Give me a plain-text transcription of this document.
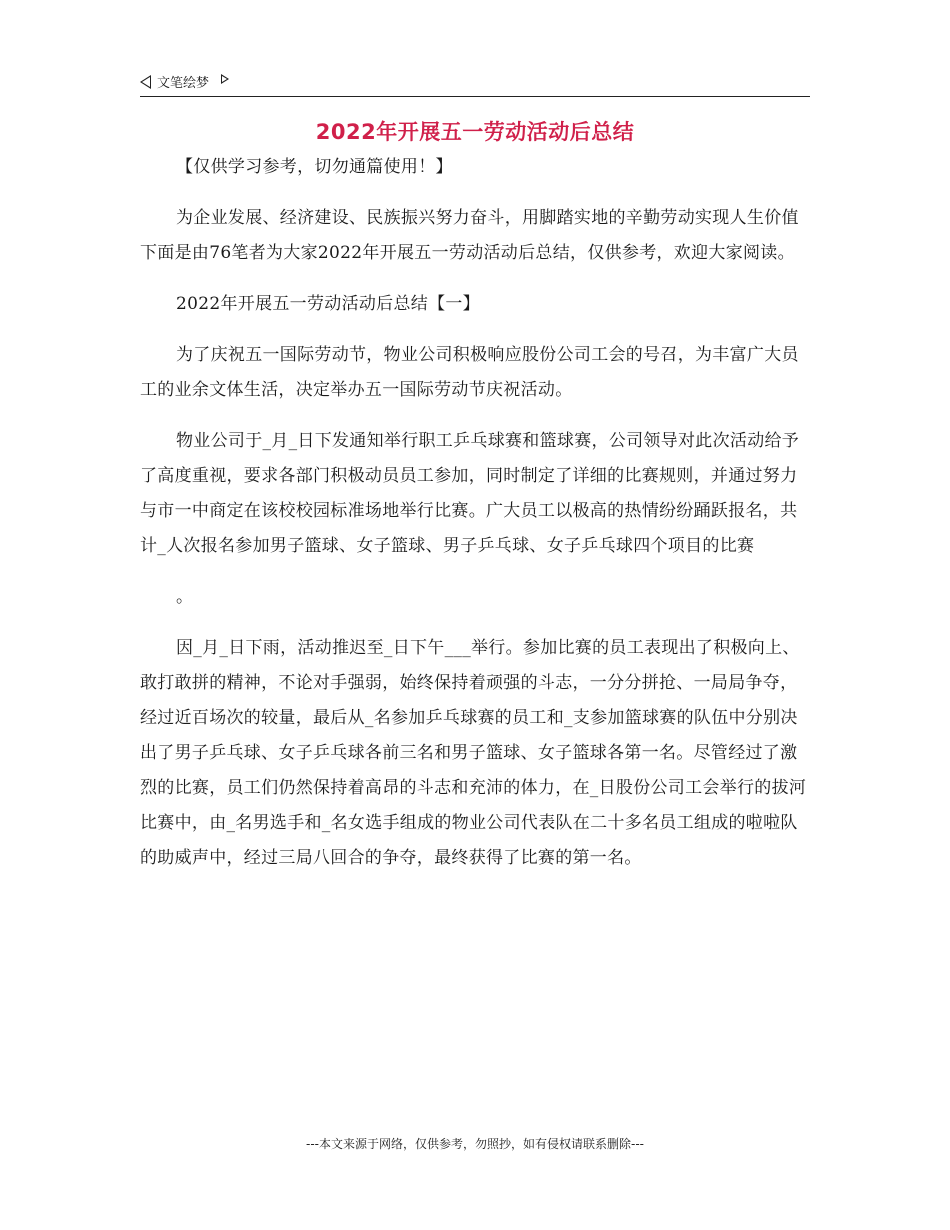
文笔绘梦
2022年开展五一劳动活动后总结

【仅供学习参考，切勿通篇使用！】

为企业发展、经济建设、民族振兴努力奋斗，用脚踏实地的辛勤劳动实现人生价值下面是由76笔者为大家2022年开展五一劳动活动后总结，仅供参考，欢迎大家阅读。

2022年开展五一劳动活动后总结【一】

为了庆祝五一国际劳动节，物业公司积极响应股份公司工会的号召，为丰富广大员工的业余文体生活，决定举办五一国际劳动节庆祝活动。

物业公司于_月_日下发通知举行职工乒乓球赛和篮球赛，公司领导对此次活动给予了高度重视，要求各部门积极动员员工参加，同时制定了详细的比赛规则，并通过努力与市一中商定在该校校园标准场地举行比赛。广大员工以极高的热情纷纷踊跃报名，共计_人次报名参加男子篮球、女子篮球、男子乒乓球、女子乒乓球四个项目的比赛

。

因_月_日下雨，活动推迟至_日下午___举行。参加比赛的员工表现出了积极向上、敢打敢拼的精神，不论对手强弱，始终保持着顽强的斗志，一分分拼抢、一局局争夺，经过近百场次的较量，最后从_名参加乒乓球赛的员工和_支参加篮球赛的队伍中分别决出了男子乒乓球、女子乒乓球各前三名和男子篮球、女子篮球各第一名。尽管经过了激烈的比赛，员工们仍然保持着高昂的斗志和充沛的体力，在_日股份公司工会举行的拔河比赛中，由_名男选手和_名女选手组成的物业公司代表队在二十多名员工组成的啦啦队的助威声中，经过三局八回合的争夺，最终获得了比赛的第一名。

---本文来源于网络，仅供参考，勿照抄，如有侵权请联系删除---
